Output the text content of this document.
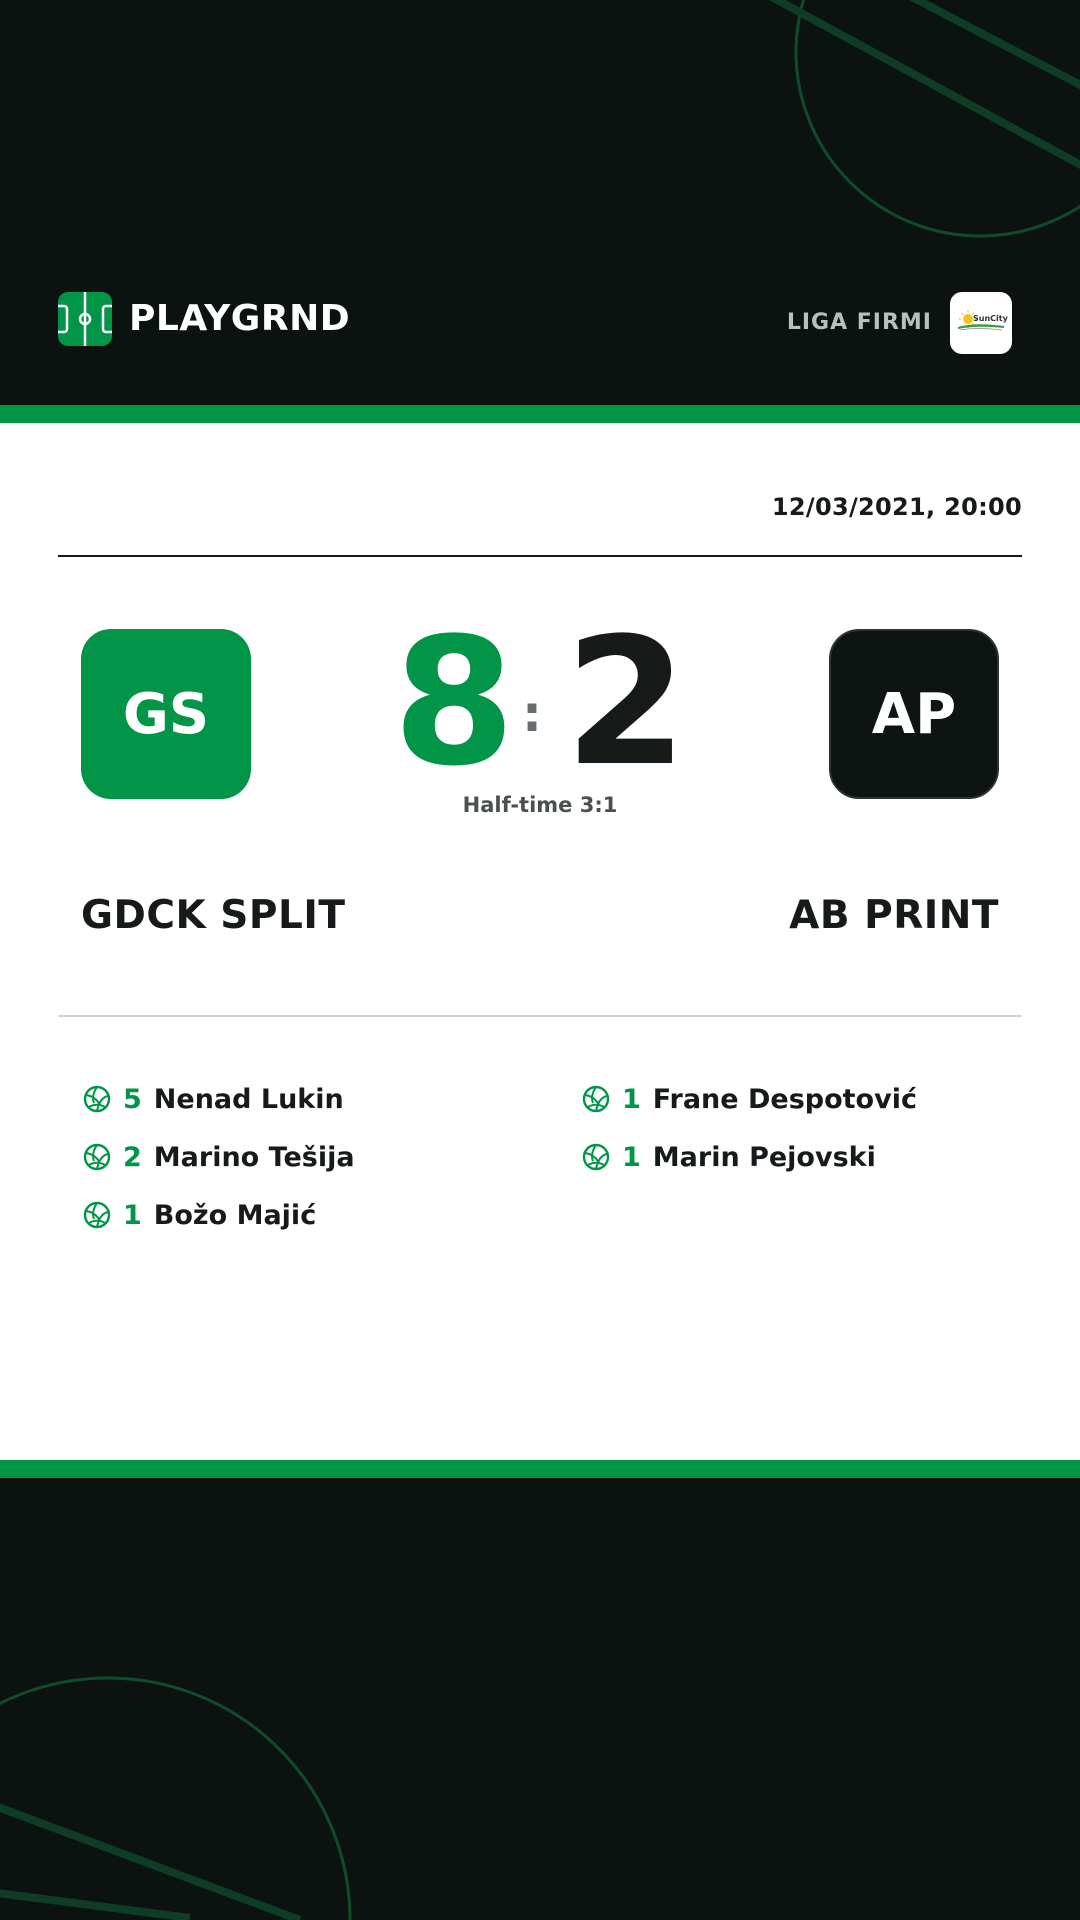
PLAYGRND	LIGA FIRMI	SunCity
12/03/2021, 20:00
GS 8 : 2	AP
Half-time 3:1
GDCK SPLIT	AB PRINT
5 Nenad Lukin
2 Marino Tešija
1 Božo Majić
1 Frane Despotović
1 Marin Pejovski
